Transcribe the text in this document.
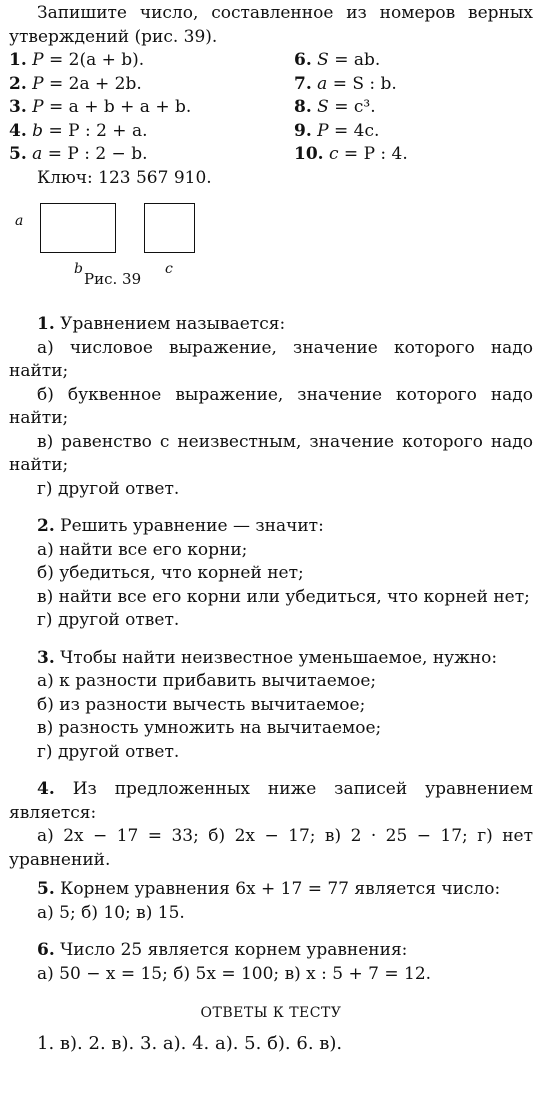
Запишите число, составленное из номеров верных утверждений (рис. 39).

1. P = 2(a + b).	6. S = ab.
2. P = 2a + 2b.	7. a = S : b.
3. P = a + b + a + b.	8. S = c³.
4. b = P : 2 + a.	9. P = 4c.
5. a = P : 2 − b.	10. c = P : 4.

Ключ: 123 567 910.

a
b	c
Рис. 39

1. Уравнением называется:

а) числовое выражение, значение которого надо найти;

б) буквенное выражение, значение которого надо найти;

в) равенство с неизвестным, значение которого надо найти;

г) другой ответ.

2. Решить уравнение — значит:

а) найти все его корни;

б) убедиться, что корней нет;

в) найти все его корни или убедиться, что корней нет;

г) другой ответ.

3. Чтобы найти неизвестное уменьшаемое, нужно:

а) к разности прибавить вычитаемое;

б) из разности вычесть вычитаемое;

в) разность умножить на вычитаемое;

г) другой ответ.

4. Из предложенных ниже записей уравнением является:

а) 2x − 17 = 33; б) 2x − 17; в) 2 · 25 − 17; г) нет уравнений.

5. Корнем уравнения 6x + 17 = 77 является число:

а) 5; б) 10; в) 15.

6. Число 25 является корнем уравнения:

а) 50 − x = 15; б) 5x = 100; в) x : 5 + 7 = 12.

ОТВЕТЫ К ТЕСТУ

1. в). 2. в). 3. а). 4. а). 5. б). 6. в).
